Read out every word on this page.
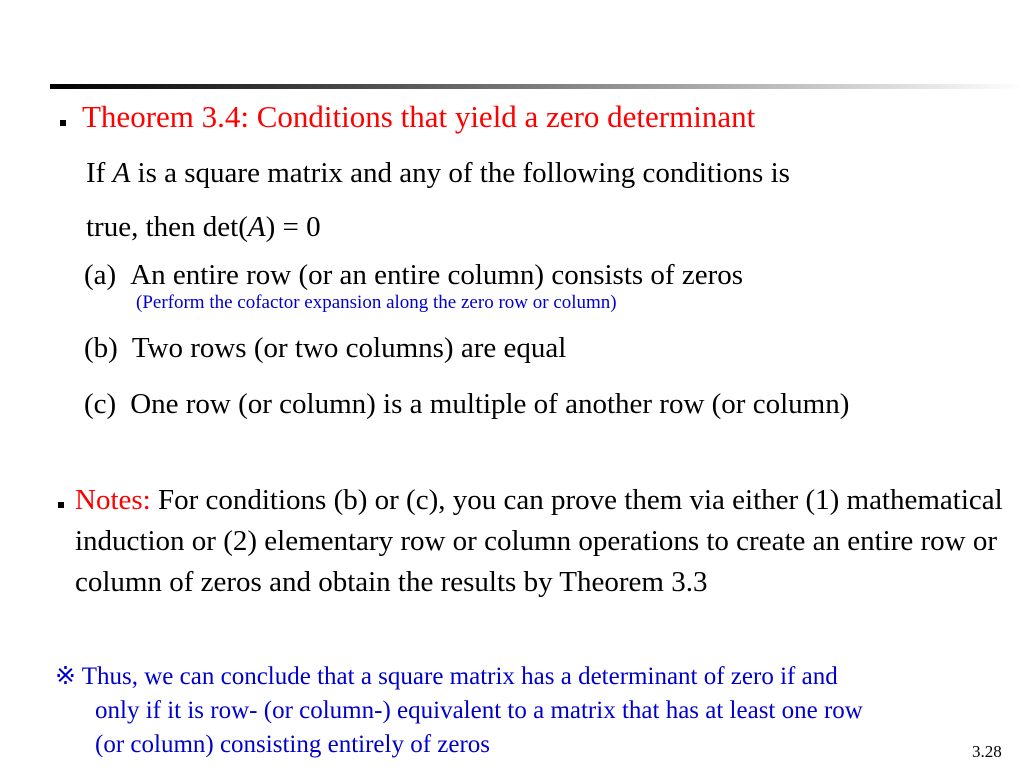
Theorem 3.4: Conditions that yield a zero determinant
If A is a square matrix and any of the following conditions is
true, then det(A) = 0
(a) An entire row (or an entire column) consists of zeros
(Perform the cofactor expansion along the zero row or column)
(b) Two rows (or two columns) are equal
(c) One row (or column) is a multiple of another row (or column)
Notes: For conditions (b) or (c), you can prove them via either (1) mathematical induction or (2) elementary row or column operations to create an entire row or column of zeros and obtain the results by Theorem 3.3
※ Thus, we can conclude that a square matrix has a determinant of zero if and
only if it is row- (or column-) equivalent to a matrix that has at least one row
(or column) consisting entirely of zeros	3.28
